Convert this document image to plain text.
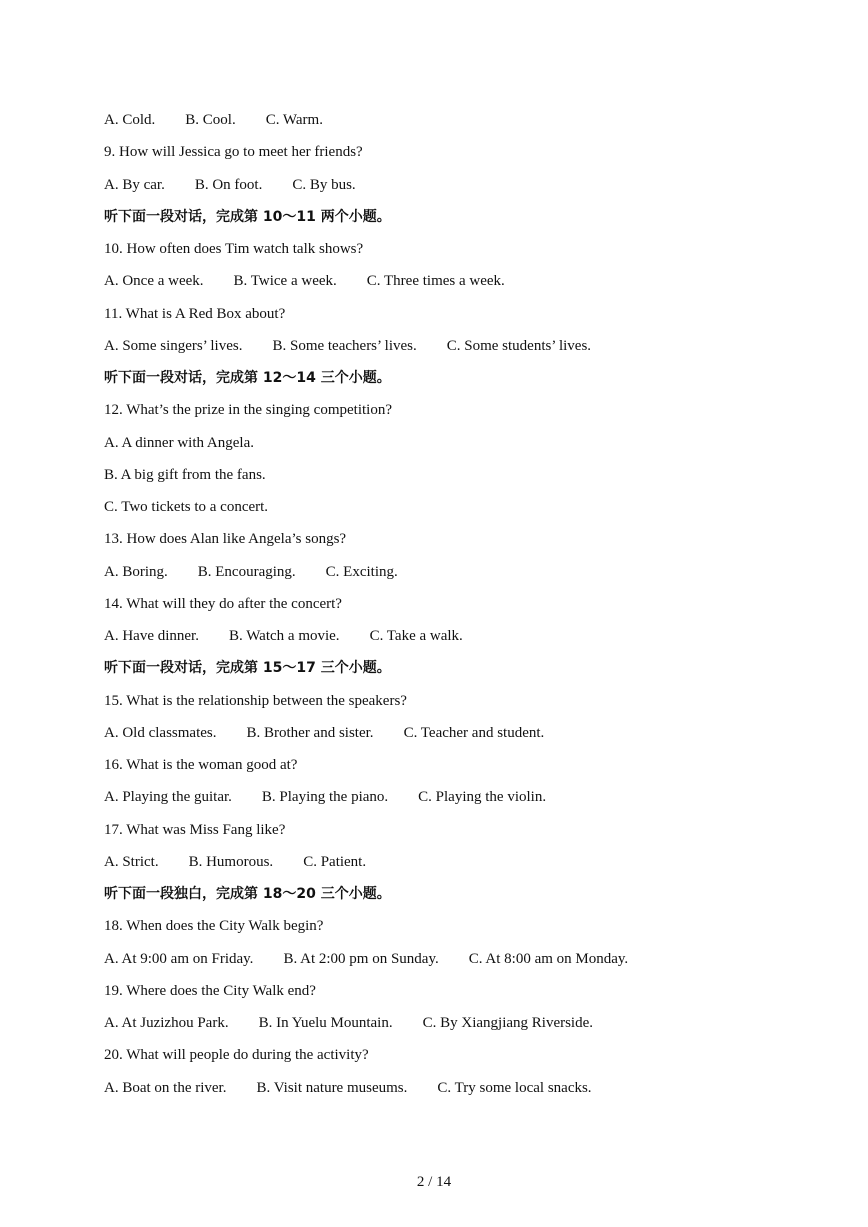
A. Cold. B. Cool. C. Warm.
9. How will Jessica go to meet her friends?
A. By car. B. On foot. C. By bus.
听下面一段对话，完成第 10～11 两个小题。
10. How often does Tim watch talk shows?
A. Once a week. B. Twice a week. C. Three times a week.
11. What is A Red Box about?
A. Some singers’ lives. B. Some teachers’ lives. C. Some students’ lives.
听下面一段对话，完成第 12～14 三个小题。
12. What’s the prize in the singing competition?
A. A dinner with Angela.
B. A big gift from the fans.
C. Two tickets to a concert.
13. How does Alan like Angela’s songs?
A. Boring. B. Encouraging. C. Exciting.
14. What will they do after the concert?
A. Have dinner. B. Watch a movie. C. Take a walk.
听下面一段对话，完成第 15～17 三个小题。
15. What is the relationship between the speakers?
A. Old classmates. B. Brother and sister. C. Teacher and student.
16. What is the woman good at?
A. Playing the guitar. B. Playing the piano. C. Playing the violin.
17. What was Miss Fang like?
A. Strict. B. Humorous. C. Patient.
听下面一段独白，完成第 18～20 三个小题。
18. When does the City Walk begin?
A. At 9:00 am on Friday. B. At 2:00 pm on Sunday. C. At 8:00 am on Monday.
19. Where does the City Walk end?
A. At Juzizhou Park. B. In Yuelu Mountain. C. By Xiangjiang Riverside.
20. What will people do during the activity?
A. Boat on the river. B. Visit nature museums. C. Try some local snacks.
2 / 14
